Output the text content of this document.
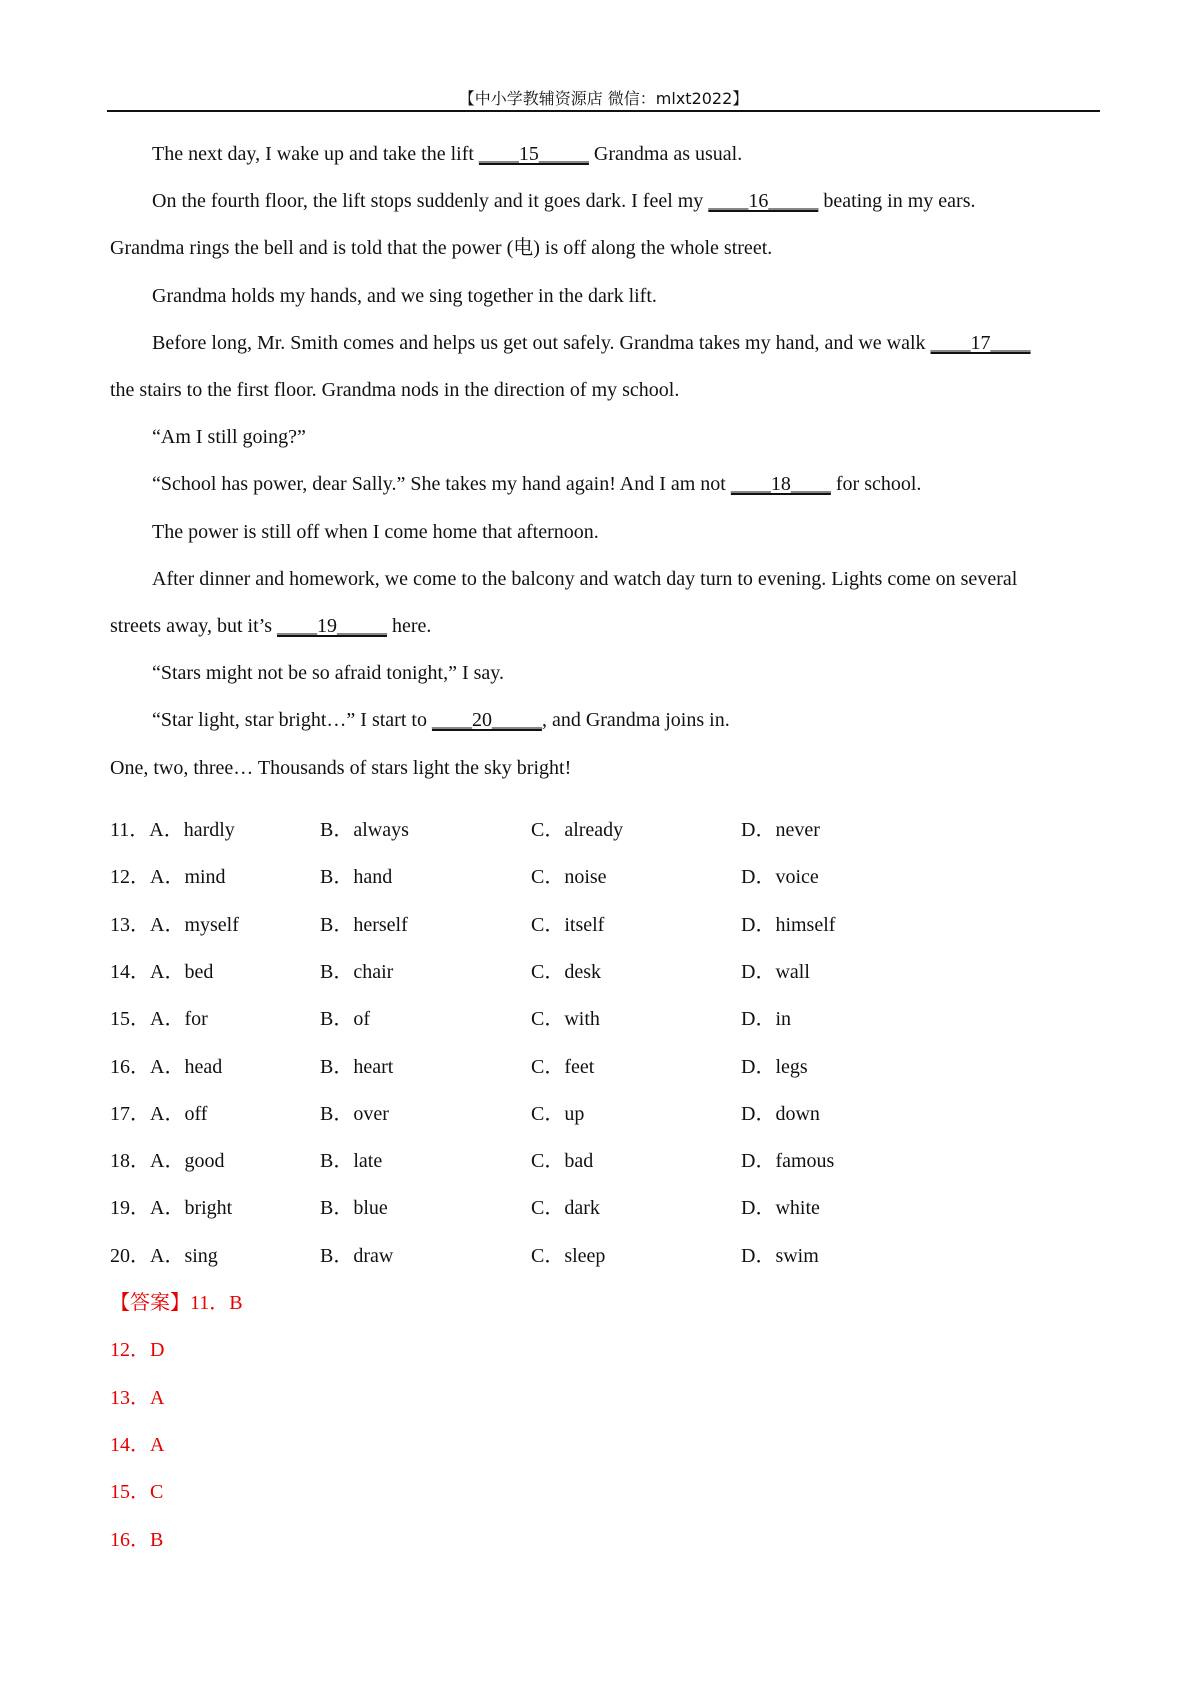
【中小学教辅资源店 微信：mlxt2022】
The next day, I wake up and take the lift ____15_____ Grandma as usual.
On the fourth floor, the lift stops suddenly and it goes dark. I feel my ____16_____ beating in my ears.
Grandma rings the bell and is told that the power (电) is off along the whole street.
Grandma holds my hands, and we sing together in the dark lift.
Before long, Mr. Smith comes and helps us get out safely. Grandma takes my hand, and we walk ____17____
the stairs to the first floor. Grandma nods in the direction of my school.
“Am I still going?”
“School has power, dear Sally.” She takes my hand again! And I am not ____18____ for school.
The power is still off when I come home that afternoon.
After dinner and homework, we come to the balcony and watch day turn to evening. Lights come on several
streets away, but it’s ____19_____ here.
“Stars might not be so afraid tonight,” I say.
“Star light, star bright…” I start to ____20_____, and Grandma joins in.
One, two, three… Thousands of stars light the sky bright!
11．A．hardly	B．always	C．already	D．never
12．A．mind	B．hand	C．noise	D．voice
13．A．myself	B．herself	C．itself	D．himself
14．A．bed	B．chair	C．desk	D．wall
15．A．for	B．of	C．with	D．in
16．A．head	B．heart	C．feet	D．legs
17．A．off	B．over	C．up	D．down
18．A．good	B．late	C．bad	D．famous
19．A．bright	B．blue	C．dark	D．white
20．A．sing	B．draw	C．sleep	D．swim
【答案】11．B
12．D
13．A
14．A
15．C
16．B
